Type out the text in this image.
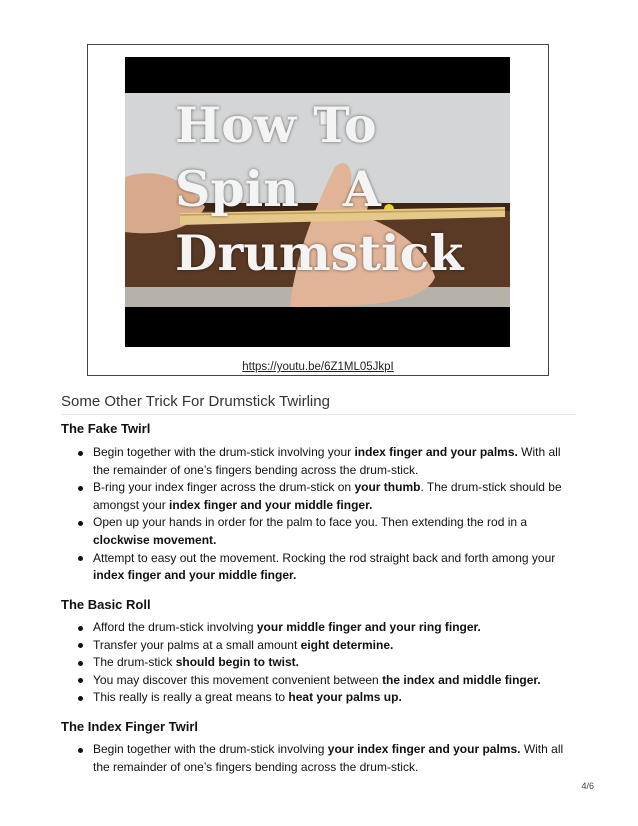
How To
Spin A
Drumstick
https://youtu.be/6Z1ML05JkpI
Some Other Trick For Drumstick Twirling
The Fake Twirl
Begin together with the drum-stick involving your index finger and your palms. With all the remainder of one’s fingers bending across the drum-stick.
B-ring your index finger across the drum-stick on your thumb. The drum-stick should be amongst your index finger and your middle finger.
Open up your hands in order for the palm to face you. Then extending the rod in a clockwise movement.
Attempt to easy out the movement. Rocking the rod straight back and forth among your index finger and your middle finger.
The Basic Roll
Afford the drum-stick involving your middle finger and your ring finger.
Transfer your palms at a small amount eight determine.
The drum-stick should begin to twist.
You may discover this movement convenient between the index and middle finger.
This really is really a great means to heat your palms up.
The Index Finger Twirl
Begin together with the drum-stick involving your index finger and your palms. With all the remainder of one’s fingers bending across the drum-stick.
4/6
